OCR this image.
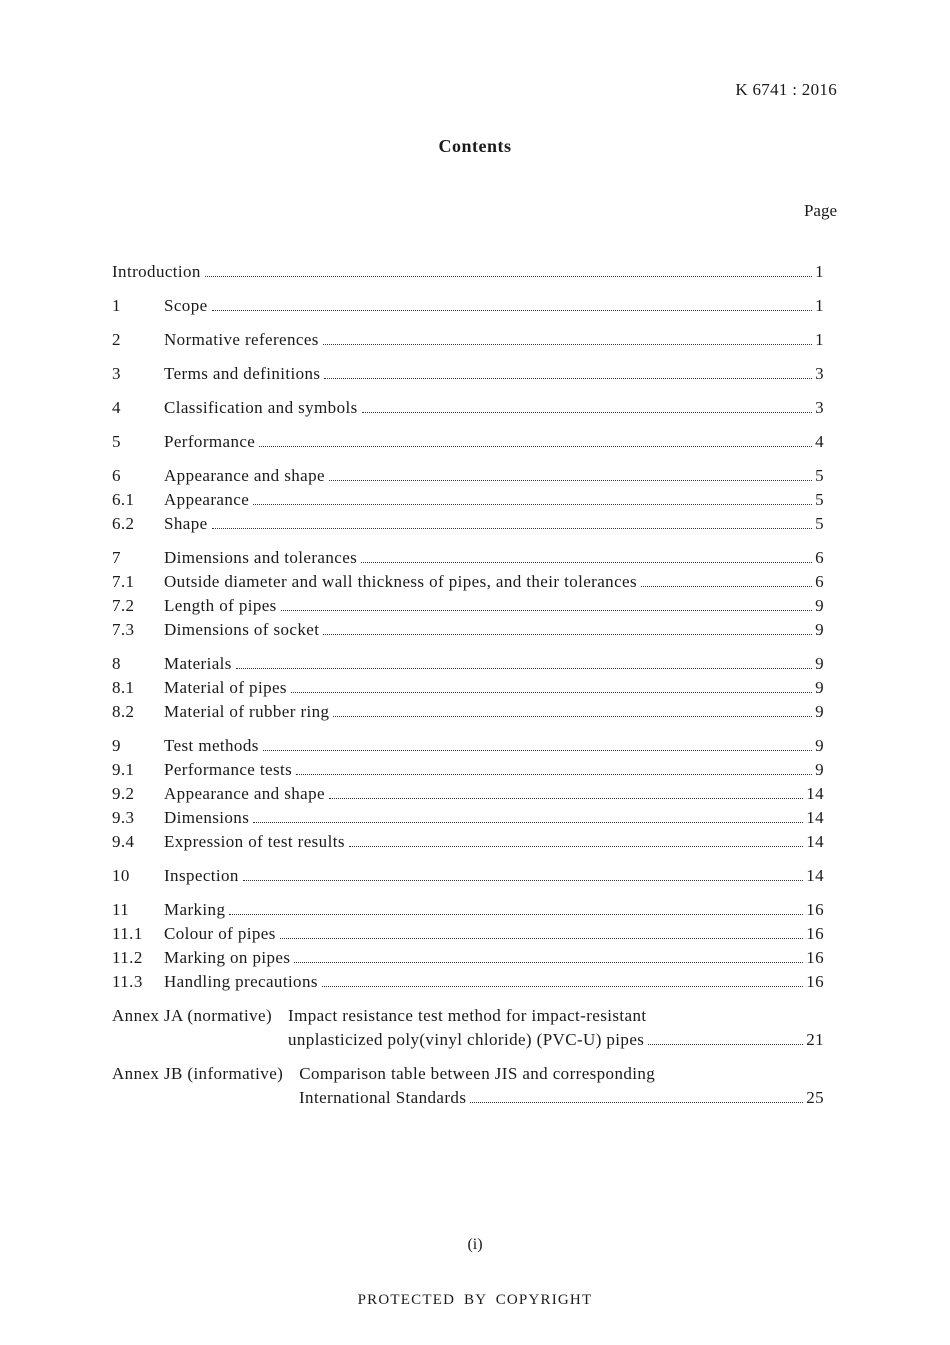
K 6741 : 2016
Contents
Page
Introduction	1
1	Scope	1
2	Normative references	1
3	Terms and definitions	3
4	Classification and symbols	3
5	Performance	4
6	Appearance and shape	5
6.1	Appearance	5
6.2	Shape	5
7	Dimensions and tolerances	6
7.1	Outside diameter and wall thickness of pipes, and their tolerances	6
7.2	Length of pipes	9
7.3	Dimensions of socket	9
8	Materials	9
8.1	Material of pipes	9
8.2	Material of rubber ring	9
9	Test methods	9
9.1	Performance tests	9
9.2	Appearance and shape	14
9.3	Dimensions	14
9.4	Expression of test results	14
10	Inspection	14
11	Marking	16
11.1	Colour of pipes	16
11.2	Marking on pipes	16
11.3	Handling precautions	16
Annex JA (normative) Impact resistance test method for impact-resistant
unplasticized poly(vinyl chloride) (PVC-U) pipes	21
Annex JB (informative) Comparison table between JIS and corresponding
International Standards	25
(i)
PROTECTED BY COPYRIGHT
